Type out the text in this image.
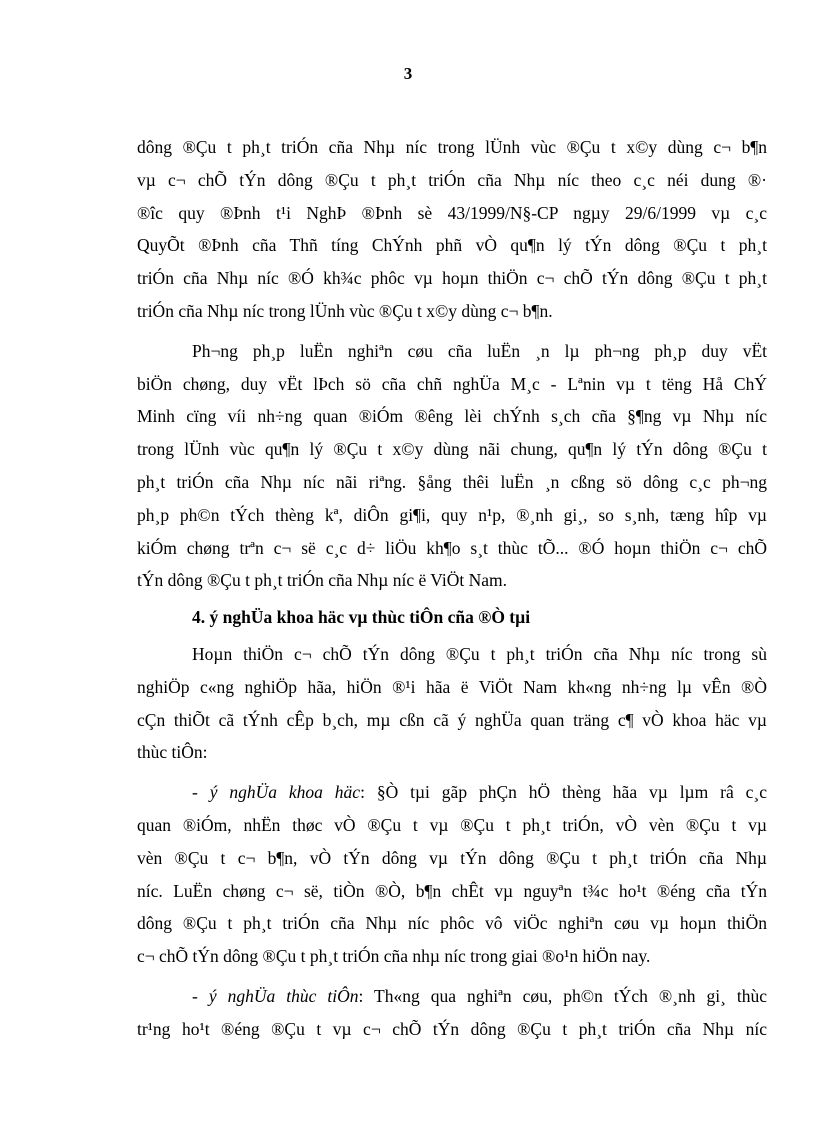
3
dông ®Çu t ph¸t triÓn cña Nhµ níc trong lÜnh vùc ®Çu t x©y dùng c¬ b¶n
vµ c¬ chÕ tÝn dông ®Çu t ph¸t triÓn cña Nhµ níc theo c¸c néi dung ®·
®îc quy ®Þnh t¹i NghÞ ®Þnh sè 43/1999/N§-CP ngµy 29/6/1999 vµ c¸c
QuyÕt ®Þnh cña Thñ tíng ChÝnh phñ vÒ qu¶n lý tÝn dông ®Çu t ph¸t
triÓn cña Nhµ níc ®Ó kh¾c phôc vµ hoµn thiÖn c¬ chÕ tÝn dông ®Çu t ph¸t
triÓn cña Nhµ níc trong lÜnh vùc ®Çu t x©y dùng c¬ b¶n.
Ph¬ng ph¸p luËn nghiªn cøu cña luËn ¸n lµ ph¬ng ph¸p duy vËt
biÖn chøng, duy vËt lÞch sö cña chñ nghÜa M¸c - Lªnin vµ t tëng Hå ChÝ
Minh cïng víi nh÷ng quan ®iÓm ®êng lèi chÝnh s¸ch cña §¶ng vµ Nhµ níc
trong lÜnh vùc qu¶n lý ®Çu t x©y dùng nãi chung, qu¶n lý tÝn dông ®Çu t
ph¸t triÓn cña Nhµ níc nãi riªng. §ång thêi luËn ¸n cßng sö dông c¸c ph¬ng
ph¸p ph©n tÝch thèng kª, diÔn gi¶i, quy n¹p, ®¸nh gi¸, so s¸nh, tæng hîp vµ
kiÓm chøng trªn c¬ së c¸c d÷ liÖu kh¶o s¸t thùc tÕ... ®Ó hoµn thiÖn c¬ chÕ
tÝn dông ®Çu t ph¸t triÓn cña Nhµ níc ë ViÖt Nam.
4. ý nghÜa khoa häc vµ thùc tiÔn cña ®Ò tµi
Hoµn thiÖn c¬ chÕ tÝn dông ®Çu t ph¸t triÓn cña Nhµ níc trong sù
nghiÖp c«ng nghiÖp hãa, hiÖn ®¹i hãa ë ViÖt Nam kh«ng nh÷ng lµ vÊn ®Ò
cÇn thiÕt cã tÝnh cÊp b¸ch, mµ cßn cã ý nghÜa quan träng c¶ vÒ khoa häc vµ
thùc tiÔn:
- ý nghÜa khoa häc: §Ò tµi gãp phÇn hÖ thèng hãa vµ lµm râ c¸c
quan ®iÓm, nhËn thøc vÒ ®Çu t vµ ®Çu t ph¸t triÓn, vÒ vèn ®Çu t vµ
vèn ®Çu t c¬ b¶n, vÒ tÝn dông vµ tÝn dông ®Çu t ph¸t triÓn cña Nhµ
níc. LuËn chøng c¬ së, tiÒn ®Ò, b¶n chÊt vµ nguyªn t¾c ho¹t ®éng cña tÝn
dông ®Çu t ph¸t triÓn cña Nhµ níc phôc vô viÖc nghiªn cøu vµ hoµn thiÖn
c¬ chÕ tÝn dông ®Çu t ph¸t triÓn cña nhµ níc trong giai ®o¹n hiÖn nay.
- ý nghÜa thùc tiÔn: Th«ng qua nghiªn cøu, ph©n tÝch ®¸nh gi¸ thùc
tr¹ng ho¹t ®éng ®Çu t vµ c¬ chÕ tÝn dông ®Çu t ph¸t triÓn cña Nhµ níc
